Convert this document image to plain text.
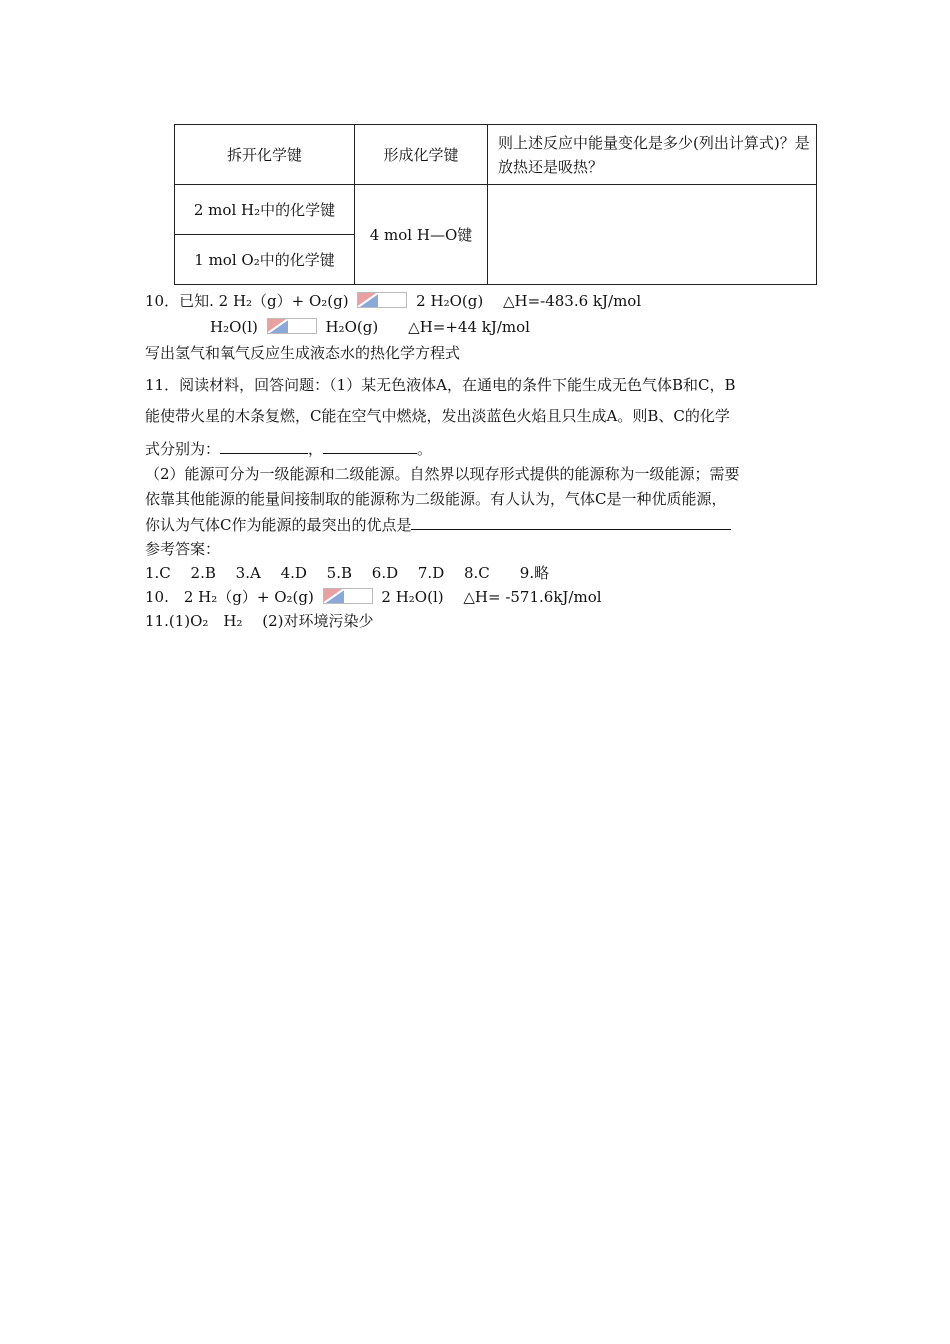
拆开化学键	形成化学键	则上述反应中能量变化是多少(列出计算式)？是放热还是吸热？
2 mol H₂中的化学键	4 mol H—O键	
1 mol O₂中的化学键		
10．已知. 2 H₂（g）+ O₂(g)	2 H₂O(g)　 △H=-483.6 kJ/mol
H₂O(l)	H₂O(g)　　△H=+44 kJ/mol
写出氢气和氧气反应生成液态水的热化学方程式
11．阅读材料，回答问题：（1）某无色液体A，在通电的条件下能生成无色气体B和C，B
能使带火星的木条复燃，C能在空气中燃烧，发出淡蓝色火焰且只生成A。则B、C的化学
式分别为：	，	。
（2）能源可分为一级能源和二级能源。自然界以现存形式提供的能源称为一级能源；需要
依靠其他能源的能量间接制取的能源称为二级能源。有人认为，气体C是一种优质能源，
你认为气体C作为能源的最突出的优点是
参考答案：
1.C　 2.B　 3.A　 4.D　 5.B　 6.D　 7.D　 8.C　　9.略
10.　2 H₂（g）+ O₂(g)	2 H₂O(l)　 △H= -571.6kJ/mol
11.(1)O₂　H₂　 (2)对环境污染少
